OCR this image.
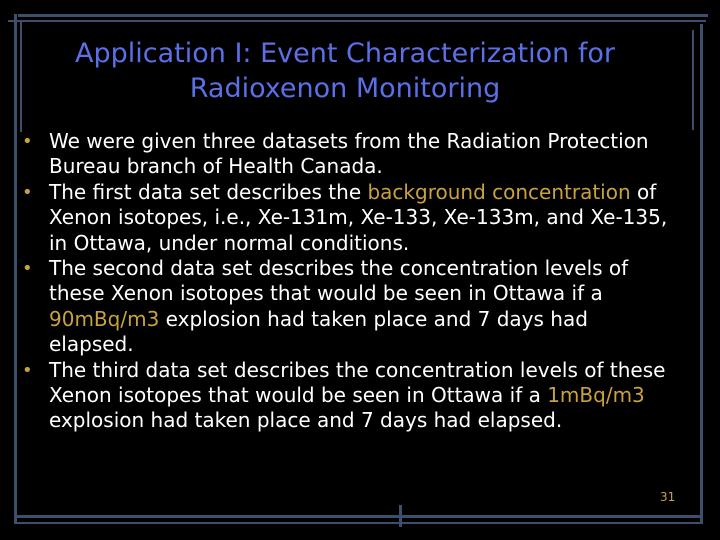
Application I: Event Characterization for
Radioxenon Monitoring
• We were given three datasets from the Radiation Protection Bureau branch of Health Canada.
• The first data set describes the background concentration of Xenon isotopes, i.e., Xe-131m, Xe-133, Xe-133m, and Xe-135, in Ottawa, under normal conditions.
• The second data set describes the concentration levels of these Xenon isotopes that would be seen in Ottawa if a 90mBq/m3 explosion had taken place and 7 days had elapsed.
• The third data set describes the concentration levels of these Xenon isotopes that would be seen in Ottawa if a 1mBq/m3 explosion had taken place and 7 days had elapsed.
31
